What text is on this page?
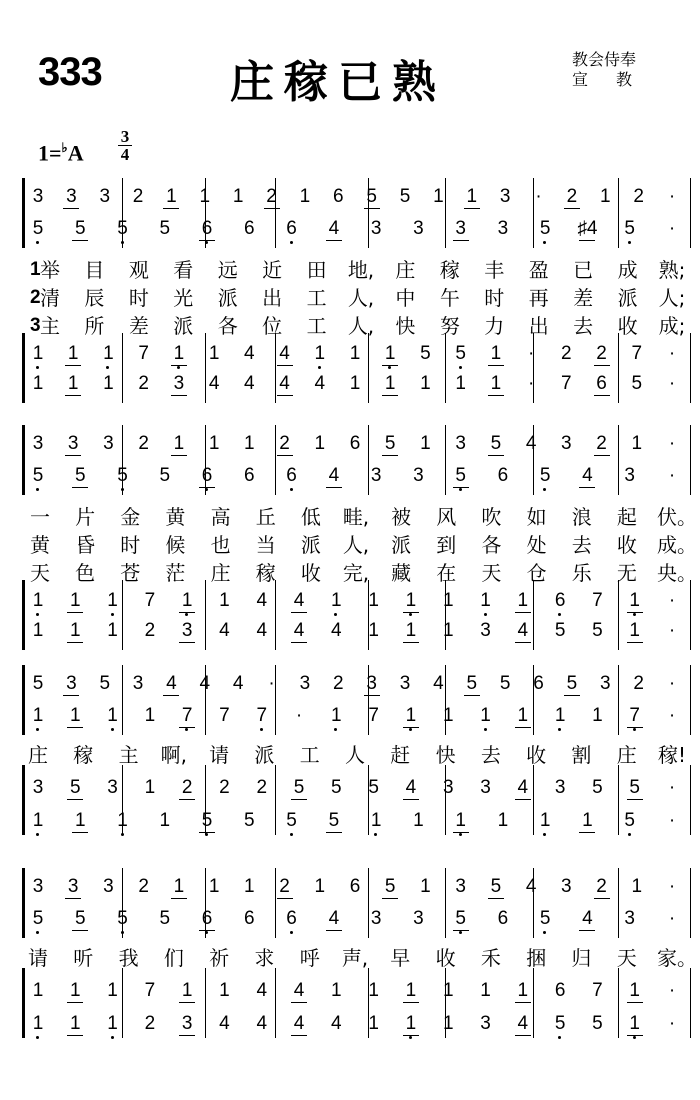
333	庄稼已熟	教会侍奉
宣教
1=♭A
3
4
3	3	3	2	1	1	1	2	1	6	5	5	1	1	3	·	2	1	2	·
5	5	5	5	6	6	6	4	3	3	3	3	5	♯4	5	·
1	1	1	7	1	1	4	4	1	1	1	5	5	1	·	2	2	7	·
1	1	1	2	3	4	4	4	4	1	1	1	1	1	·	7	6	5	·
举 目 观 看 远 近 田 地, 庄 稼 丰 盈 已 成 熟;
清 辰 时 光 派 出 工 人, 中 午 时 再 差 派 人;
主 所 差 派 各 位 工 人, 快 努 力 出 去 收 成;
1
2
3
3	3	3	2	1	1	1	2	1	6	5	1	3	5	4	3	2	1	·
5	5	5	5	6	6	6	4	3	3	5	6	5	4	3	·
1	1	1	7	1	1	4	4	1	1	1	1	1	1	6	7	1	·
1	1	1	2	3	4	4	4	4	1	1	1	3	4	5	5	1	·
一 片 金 黄 高 丘 低 畦, 被 风 吹 如 浪 起 伏。
黄 昏 时 候 也 当 派 人, 派 到 各 处 去 收 成。
天 色 苍 茫 庄 稼 收 完, 藏 在 天 仓 乐 无 央。
5	3	5	3	4	4	4	·	3	2	3	3	4	5	5	6	5	3	2	·
1	1	1	1	7	7	7	·	1	7	1	1	1	1	1	1	7	·
庄 稼 主 啊, 请 派 工 人 赶 快 去 收 割 庄 稼!
3	5	3	1	2	2	2	5	5	5	4	3	3	4	3	5	5	·
1	1	1	1	5	5	5	5	1	1	1	1	1	1	5	·
3	3	3	2	1	1	1	2	1	6	5	1	3	5	4	3	2	1	·
5	5	5	5	6	6	6	4	3	3	5	6	5	4	3	·
请 听 我 们 祈 求 呼 声, 早 收 禾 捆 归 天 家。
1	1	1	7	1	1	4	4	1	1	1	1	1	1	6	7	1	·
1	1	1	2	3	4	4	4	4	1	1	1	3	4	5	5	1	·
